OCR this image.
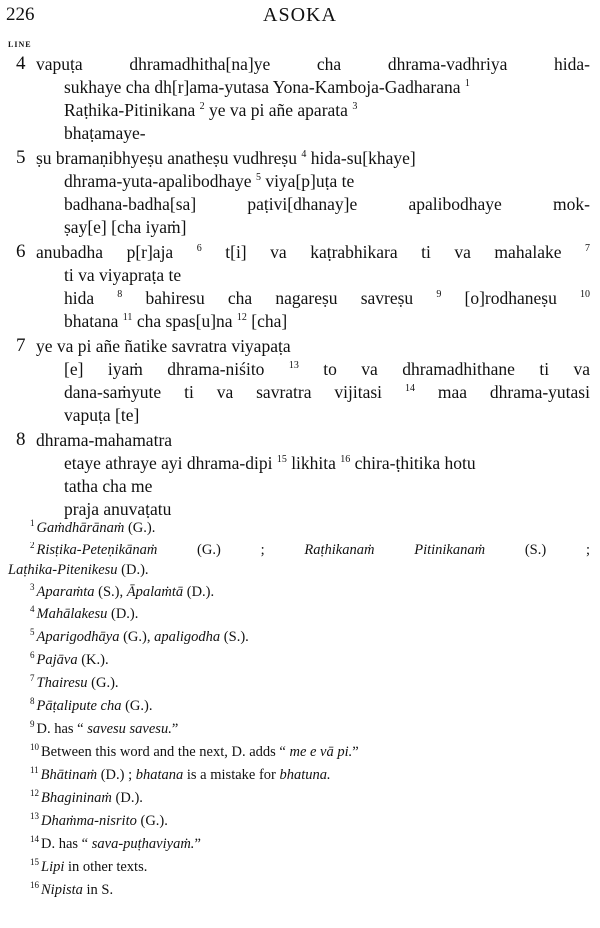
226	ASOKA
LINE
4 vapuṭa dhramadhitha[na]ye cha dhrama-vadhriya hida-
sukhaye cha dh[r]ama-yutasa Yona-Kamboja-Gadharana $^1$
Raṭhika-Pitinikana $^2$ ye va pi añe aparata $^3$
bhaṭamaye-
5 ṣu bramaṇibhyeṣu anatheṣu vudhreṣu $^4$ hida-su[khaye]
dhrama-yuta-apalibodhaye $^5$ viya[p]uṭa te
badhana-badha[sa] paṭivi[dhanay]e apalibodhaye mok-
ṣay[e] [cha iyaṁ]
6 anubadha p[r]aja $^6$ t[i] va kaṭrabhikara ti va mahalake $^7$
ti va viyapraṭa te
hida $^8$ bahiresu cha nagareṣu savreṣu $^9$ [o]rodhaneṣu $^{10}$
bhatana $^{11}$ cha spas[u]na $^{12}$ [cha]
7 ye va pi añe ñatike savratra viyapaṭa
[e] iyaṁ dhrama-niśito $^{13}$ to va dhramadhithane ti va
dana-saṁyute ti va savratra vijitasi $^{14}$ maa dhrama-yutasi
vapuṭa [te]
8 dhrama-mahamatra
etaye athraye ayi dhrama-dipi $^{15}$ likhita $^{16}$ chira-ṭhitika hotu
tatha cha me
praja anuvaṭatu
$^1$ Gaṁdhārānaṁ (G.).
$^2$ Risṭika-Peteṇikānaṁ (G.) ; Raṭhikanaṁ Pitinikanaṁ (S.) ;
Laṭhika-Pitenikesu (D.).
$^3$ Aparaṁta (S.), Āpalaṁtā (D.).
$^4$ Mahālakesu (D.).
$^5$ Aparigodhāya (G.), apaligodha (S.).
$^6$ Pajāva (K.).
$^7$ Thairesu (G.).
$^8$ Pāṭalipute cha (G.).
$^9$ D. has “ savesu savesu.”
$^{10}$ Between this word and the next, D. adds “ me e vā pi.”
$^{11}$ Bhātinaṁ (D.) ; bhatana is a mistake for bhatuna.
$^{12}$ Bhagininaṁ (D.).
$^{13}$ Dhaṁma-nisrito (G.).
$^{14}$ D. has “ sava-puṭhaviyaṁ.”
$^{15}$ Lipi in other texts.
$^{16}$ Nipista in S.
